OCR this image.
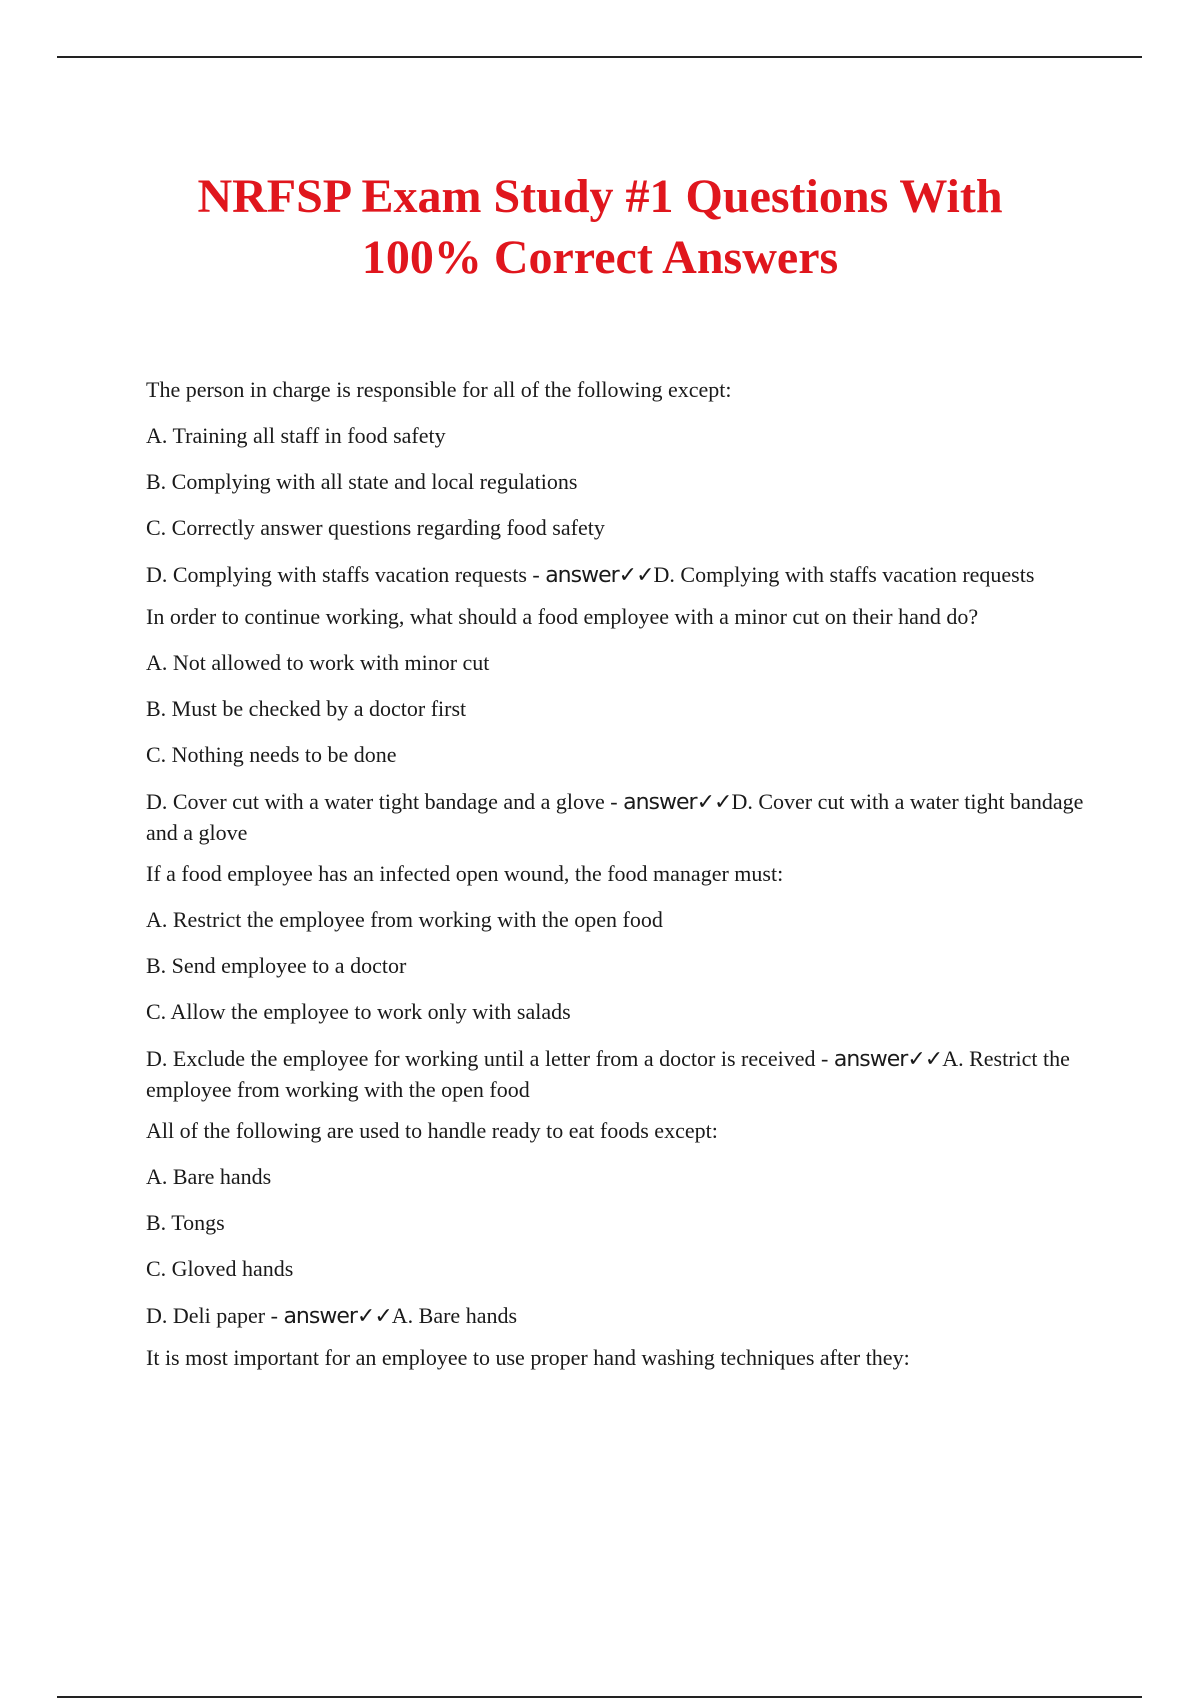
NRFSP Exam Study #1 Questions With
100% Correct Answers

The person in charge is responsible for all of the following except:

A. Training all staff in food safety

B. Complying with all state and local regulations

C. Correctly answer questions regarding food safety

D. Complying with staffs vacation requests - answer✓✓D. Complying with staffs vacation requests

In order to continue working, what should a food employee with a minor cut on their hand do?

A. Not allowed to work with minor cut

B. Must be checked by a doctor first

C. Nothing needs to be done

D. Cover cut with a water tight bandage and a glove - answer✓✓D. Cover cut with a water tight bandage and a glove

If a food employee has an infected open wound, the food manager must:

A. Restrict the employee from working with the open food

B. Send employee to a doctor

C. Allow the employee to work only with salads

D. Exclude the employee for working until a letter from a doctor is received - answer✓✓A. Restrict the employee from working with the open food

All of the following are used to handle ready to eat foods except:

A. Bare hands

B. Tongs

C. Gloved hands

D. Deli paper - answer✓✓A. Bare hands

It is most important for an employee to use proper hand washing techniques after they:
